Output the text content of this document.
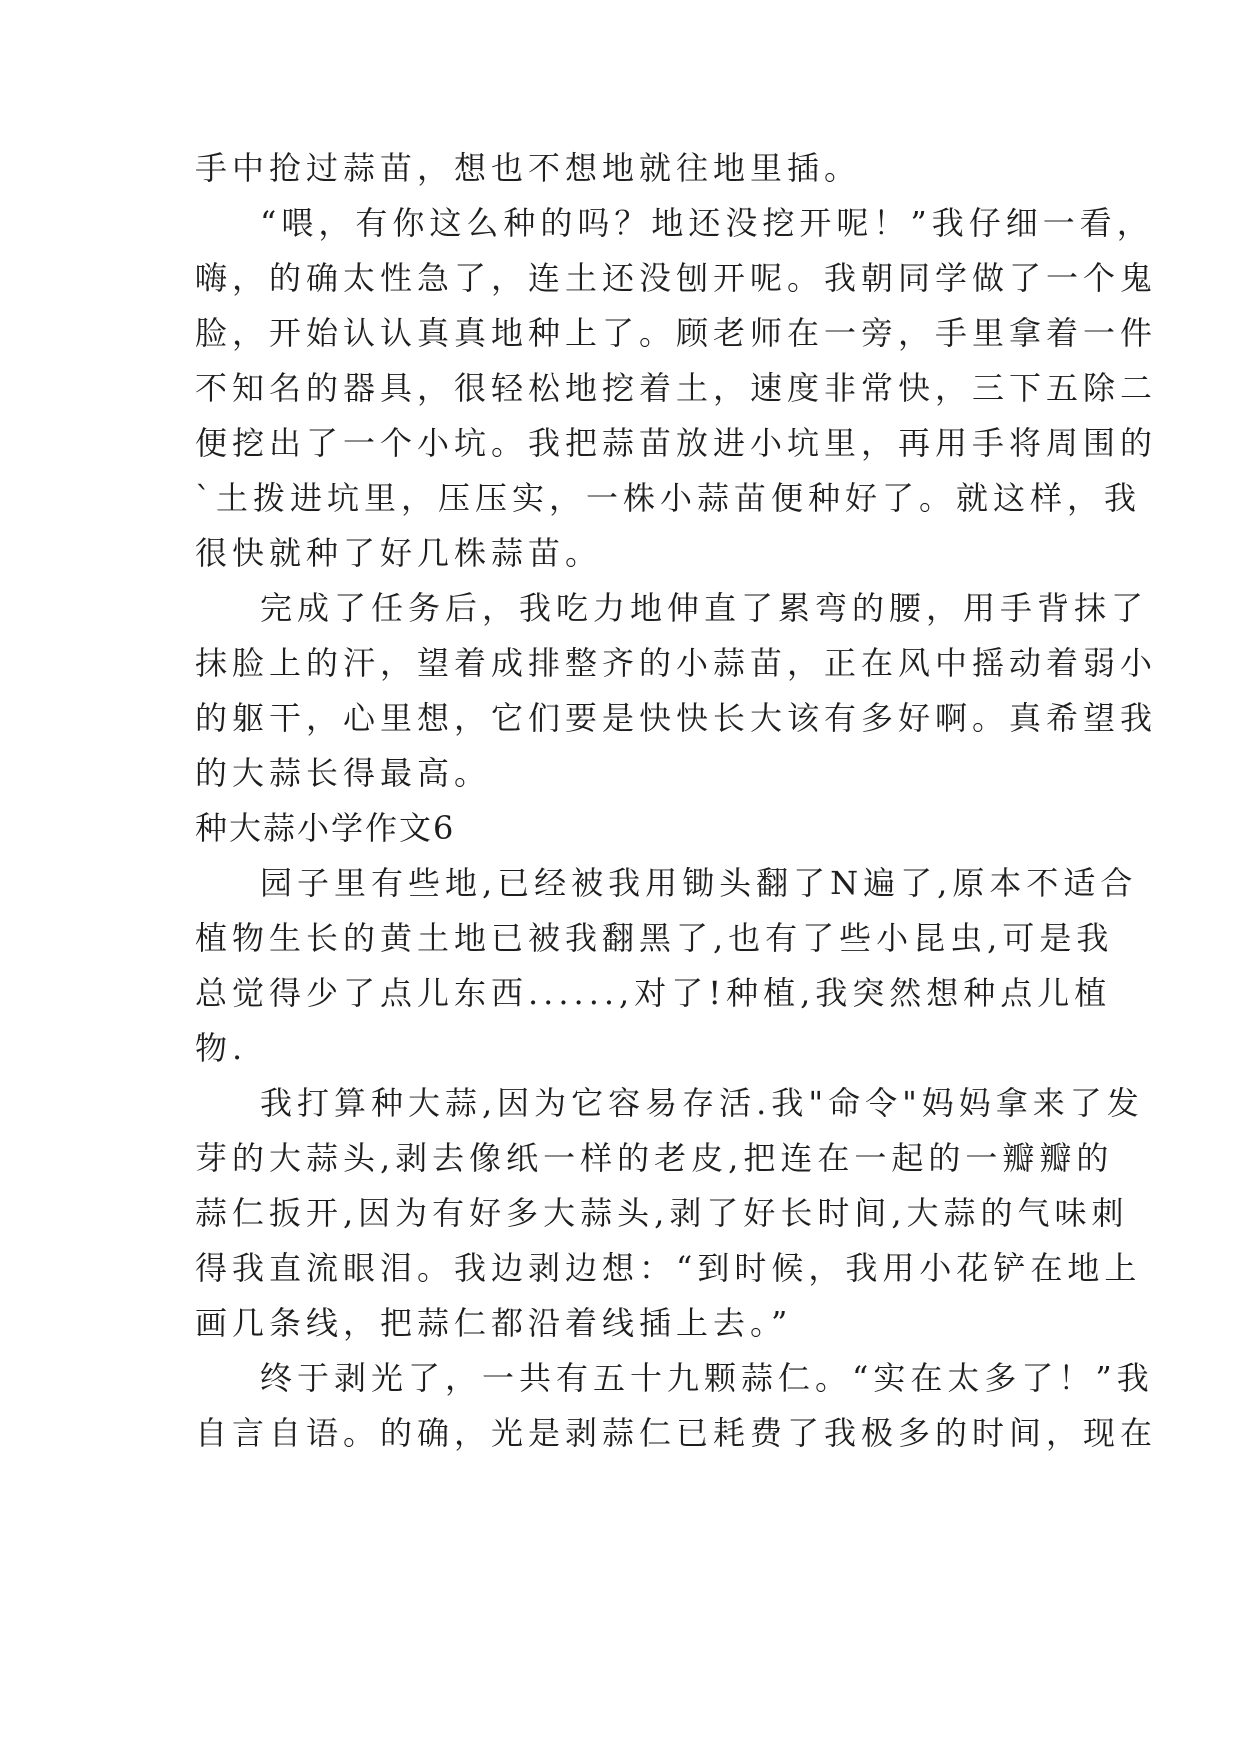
手中抢过蒜苗，想也不想地就往地里插。
“喂，有你这么种的吗？地还没挖开呢！”我仔细一看，
嗨，的确太性急了，连土还没刨开呢。我朝同学做了一个鬼
脸，开始认认真真地种上了。顾老师在一旁，手里拿着一件
不知名的器具，很轻松地挖着土，速度非常快，三下五除二
便挖出了一个小坑。我把蒜苗放进小坑里，再用手将周围的
`土拨进坑里，压压实，一株小蒜苗便种好了。就这样，我
很快就种了好几株蒜苗。
完成了任务后，我吃力地伸直了累弯的腰，用手背抹了
抹脸上的汗，望着成排整齐的小蒜苗，正在风中摇动着弱小
的躯干，心里想，它们要是快快长大该有多好啊。真希望我
的大蒜长得最高。
种大蒜小学作文6
园子里有些地,已经被我用锄头翻了N遍了,原本不适合
植物生长的黄土地已被我翻黑了,也有了些小昆虫,可是我
总觉得少了点儿东西......,对了!种植,我突然想种点儿植
物.
我打算种大蒜,因为它容易存活.我"命令"妈妈拿来了发
芽的大蒜头,剥去像纸一样的老皮,把连在一起的一瓣瓣的
蒜仁扳开,因为有好多大蒜头,剥了好长时间,大蒜的气味刺
得我直流眼泪。我边剥边想：“到时候，我用小花铲在地上
画几条线，把蒜仁都沿着线插上去。”
终于剥光了，一共有五十九颗蒜仁。“实在太多了！”我
自言自语。的确，光是剥蒜仁已耗费了我极多的时间，现在
